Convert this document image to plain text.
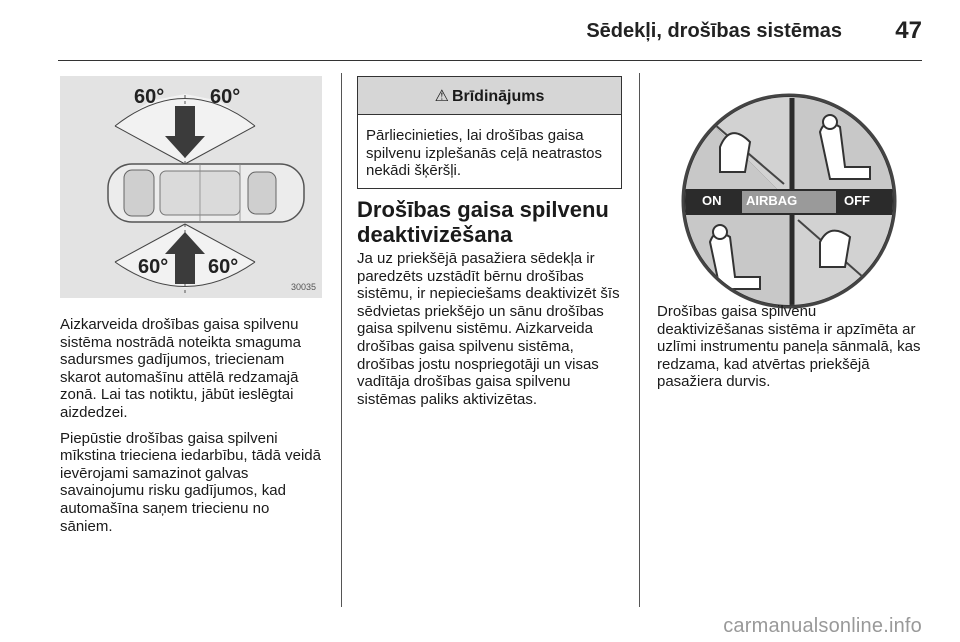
Sēdekļi, drošības sistēmas 47
60° 60°
60° 60°
30035

Aizkarveida drošības gaisa spilvenu sistēma nostrādā noteikta smaguma sadursmes gadījumos, triecienam skarot automašīnu attēlā redzamajā zonā. Lai tas notiktu, jābūt ieslēgtai aizdedzei.

Piepūstie drošības gaisa spilveni mīkstina trieciena iedarbību, tādā veidā ievērojami samazinot galvas savainojumu risku gadījumos, kad automašīna saņem triecienu no sāniem.

⚠ Brīdinājums
Pārliecinieties, lai drošības gaisa spilvenu izplešanās ceļā neatrastos nekādi šķēršļi.
Drošības gaisa spilvenu deaktivizēšana

Ja uz priekšējā pasažiera sēdekļa ir paredzēts uzstādīt bērnu drošības sistēmu, ir nepieciešams deaktivizēt šīs sēdvietas priekšējo un sānu drošības gaisa spilvenu sistēmu. Aizkarveida drošības gaisa spilvenu sistēma, drošības jostu nospriegotāji un visas vadītāja drošības gaisa spilvenu sistēmas paliks aktivizētas.

ON AIRBAG	OFF

Drošības gaisa spilvenu deaktivizēšanas sistēma ir apzīmēta ar uzlīmi instrumentu paneļa sānmalā, kas redzama, kad atvērtas priekšējā pasažiera durvis.

carmanualsonline.info
